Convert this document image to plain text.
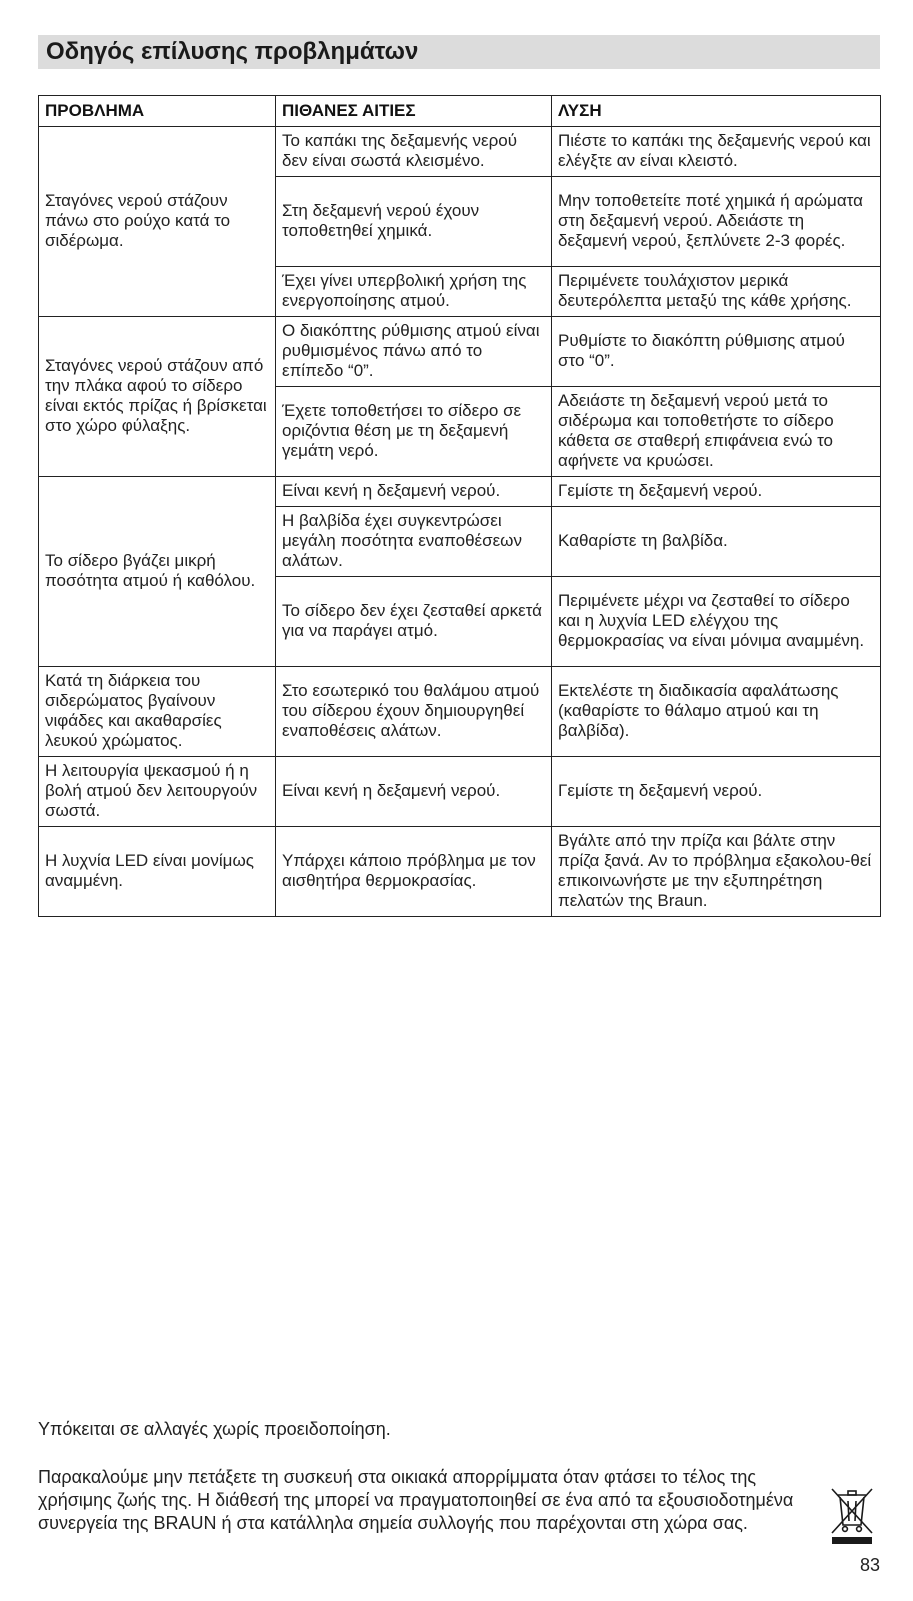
Οδηγός επίλυσης προβλημάτων
ΠΡΟΒΛΗΜΑ	ΠΙΘΑΝΕΣ ΑΙΤΙΕΣ	ΛΥΣΗ
Σταγόνες νερού στάζουν πάνω στο ρούχο κατά το σιδέρωμα.	Το καπάκι της δεξαμενής νερού δεν είναι σωστά κλεισμένο.	Πιέστε το καπάκι της δεξαμενής νερού και ελέγξτε αν είναι κλειστό.
	Στη δεξαμενή νερού έχουν τοποθετηθεί χημικά.	Μην τοποθετείτε ποτέ χημικά ή αρώματα στη δεξαμενή νερού. Αδειάστε τη δεξαμενή νερού, ξεπλύνετε 2-3 φορές.
	Έχει γίνει υπερβολική χρήση της ενεργοποίησης ατμού.	Περιμένετε τουλάχιστον μερικά δευτερόλεπτα μεταξύ της κάθε χρήσης.
Σταγόνες νερού στάζουν από την πλάκα αφού το σίδερο είναι εκτός πρίζας ή βρίσκεται στο χώρο φύλαξης.	Ο διακόπτης ρύθμισης ατμού είναι ρυθμισμένος πάνω από το επίπεδο “0”.	Ρυθμίστε το διακόπτη ρύθμισης ατμού στο “0”.
	Έχετε τοποθετήσει το σίδερο σε οριζόντια θέση με τη δεξαμενή γεμάτη νερό.	Αδειάστε τη δεξαμενή νερού μετά το σιδέρωμα και τοποθετήστε το σίδερο κάθετα σε σταθερή επιφάνεια ενώ το αφήνετε να κρυώσει.
Το σίδερο βγάζει μικρή ποσότητα ατμού ή καθόλου.	Είναι κενή η δεξαμενή νερού.	Γεμίστε τη δεξαμενή νερού.
	Η βαλβίδα έχει συγκεντρώσει μεγάλη ποσότητα εναποθέσεων αλάτων.	Καθαρίστε τη βαλβίδα.
	Το σίδερο δεν έχει ζεσταθεί αρκετά για να παράγει ατμό.	Περιμένετε μέχρι να ζεσταθεί το σίδερο και η λυχνία LED ελέγχου της θερμοκρασίας να είναι μόνιμα αναμμένη.
Κατά τη διάρκεια του σιδερώματος βγαίνουν νιφάδες και ακαθαρσίες λευκού χρώματος.	Στο εσωτερικό του θαλάμου ατμού του σίδερου έχουν δημιουργηθεί εναποθέσεις αλάτων.	Εκτελέστε τη διαδικασία αφαλάτωσης (καθαρίστε το θάλαμο ατμού και τη βαλβίδα).
Η λειτουργία ψεκασμού ή η βολή ατμού δεν λειτουργούν σωστά.	Είναι κενή η δεξαμενή νερού.	Γεμίστε τη δεξαμενή νερού.
Η λυχνία LED είναι μονίμως αναμμένη.	Υπάρχει κάποιο πρόβλημα με τον αισθητήρα θερμοκρασίας.	Βγάλτε από την πρίζα και βάλτε στην πρίζα ξανά. Αν το πρόβλημα εξακολου-θεί επικοινωνήστε με την εξυπηρέτηση πελατών της Braun.
Υπόκειται σε αλλαγές χωρίς προειδοποίηση.
Παρακαλούμε μην πετάξετε τη συσκευή στα οικιακά απορρίμματα όταν φτάσει το τέλος της χρήσιμης ζωής της. Η διάθεσή της μπορεί να πραγματοποιηθεί σε ένα από τα εξουσιοδοτημένα συνεργεία της BRAUN ή στα κατάλληλα σημεία συλλογής που παρέχονται στη χώρα σας.
83
